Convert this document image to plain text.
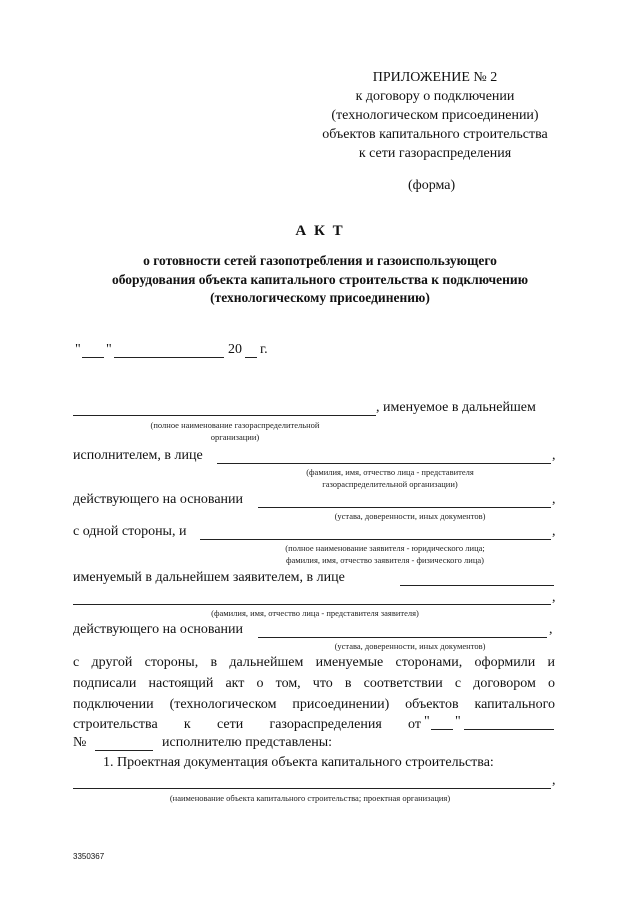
ПРИЛОЖЕНИЕ № 2
к договору о подключении
(технологическом присоединении)
объектов капитального строительства
к сети газораспределения
(форма)
А К Т
о готовности сетей газопотребления и газоиспользующего
оборудования объекта капитального строительства к подключению
(технологическому присоединению)
" "	20 г.
, именуемое в дальнейшем
(полное наименование газораспределительной
организации)
исполнителем, в лице	,
(фамилия, имя, отчество лица - представителя
газораспределительной организации)
действующего на основании	,
(устава, доверенности, иных документов)
с одной стороны, и	,
(полное наименование заявителя - юридического лица;
фамилия, имя, отчество заявителя - физического лица)
именуемый в дальнейшем заявителем, в лице
,
(фамилия, имя, отчество лица - представителя заявителя)
действующего на основании	,
(устава, доверенности, иных документов)
с другой стороны, в дальнейшем именуемые сторонами, оформили и
подписали настоящий акт о том, что в соответствии с договором о
подключении (технологическом присоединении) объектов капитального
строительства к сети газораспределения от " "
№	исполнителю представлены:
1. Проектная документация объекта капитального строительства:
,
(наименование объекта капитального строительства; проектная организация)
3350367
